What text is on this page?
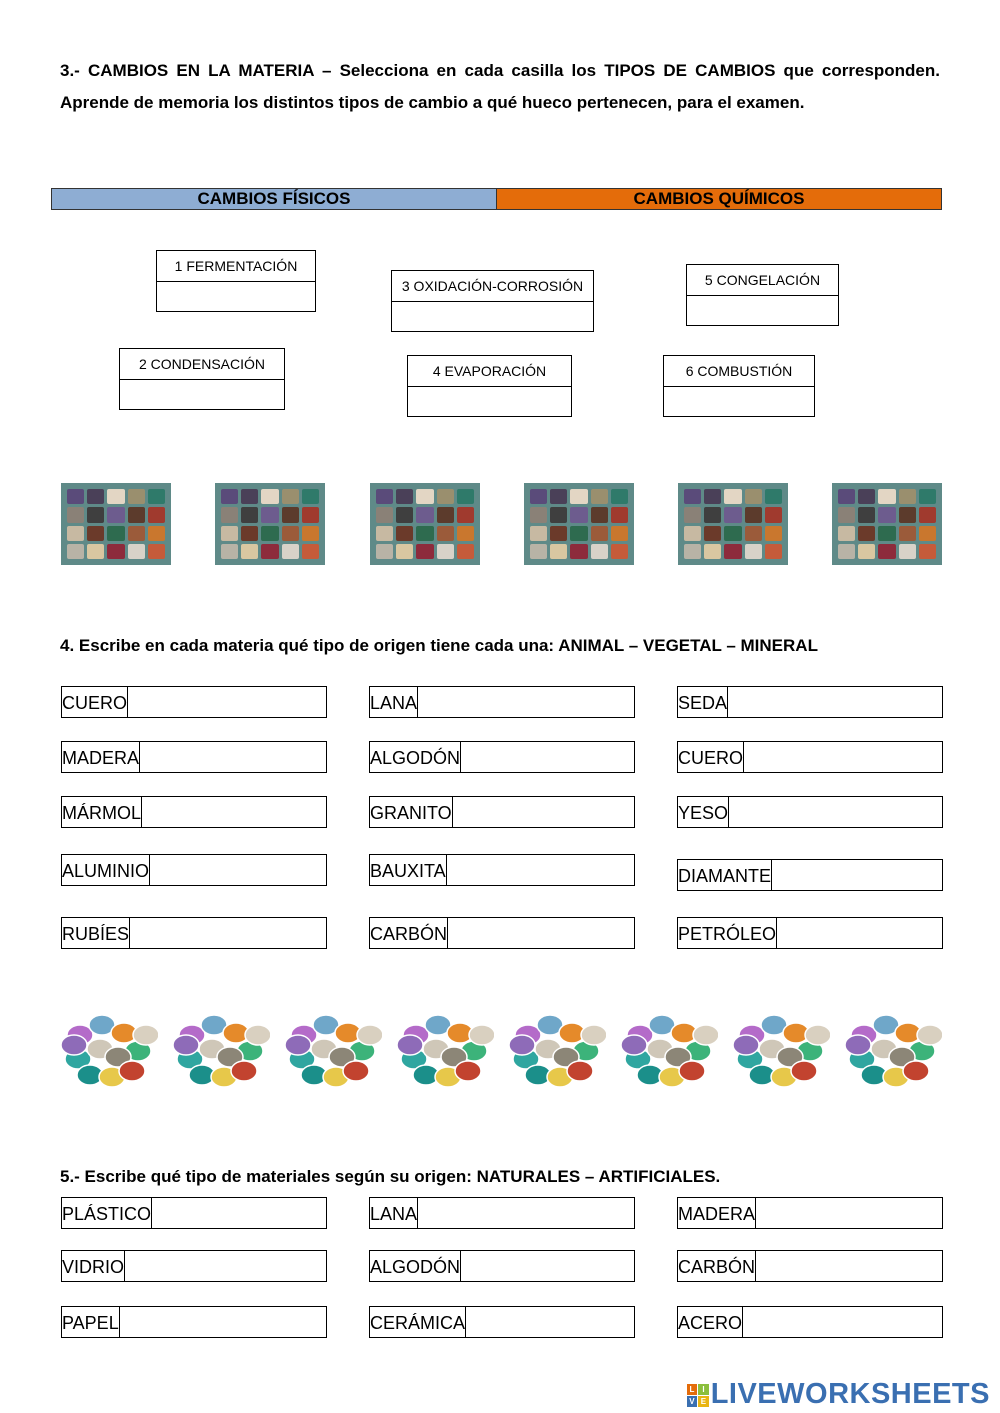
3.- CAMBIOS EN LA MATERIA – Selecciona en cada casilla los TIPOS DE CAMBIOS que corresponden. Aprende de memoria los distintos tipos de cambio a qué hueco pertenecen, para el examen.
CAMBIOS FÍSICOS	CAMBIOS QUÍMICOS
1 FERMENTACIÓN
2 CONDENSACIÓN
3 OXIDACIÓN-CORROSIÓN
4 EVAPORACIÓN
5 CONGELACIÓN
6 COMBUSTIÓN
4. Escribe en cada materia qué tipo de origen tiene cada una: ANIMAL – VEGETAL – MINERAL
CUERO	LANA	SEDA
MADERA	ALGODÓN	CUERO
MÁRMOL	GRANITO	YESO
ALUMINIO	BAUXITA	DIAMANTE
RUBÍES	CARBÓN	PETRÓLEO
5.- Escribe qué tipo de materiales según su origen: NATURALES – ARTIFICIALES.
PLÁSTICO	LANA	MADERA
VIDRIO	ALGODÓN	CARBÓN
PAPEL	CERÁMICA	ACERO
L I
V E LIVEWORKSHEETS
